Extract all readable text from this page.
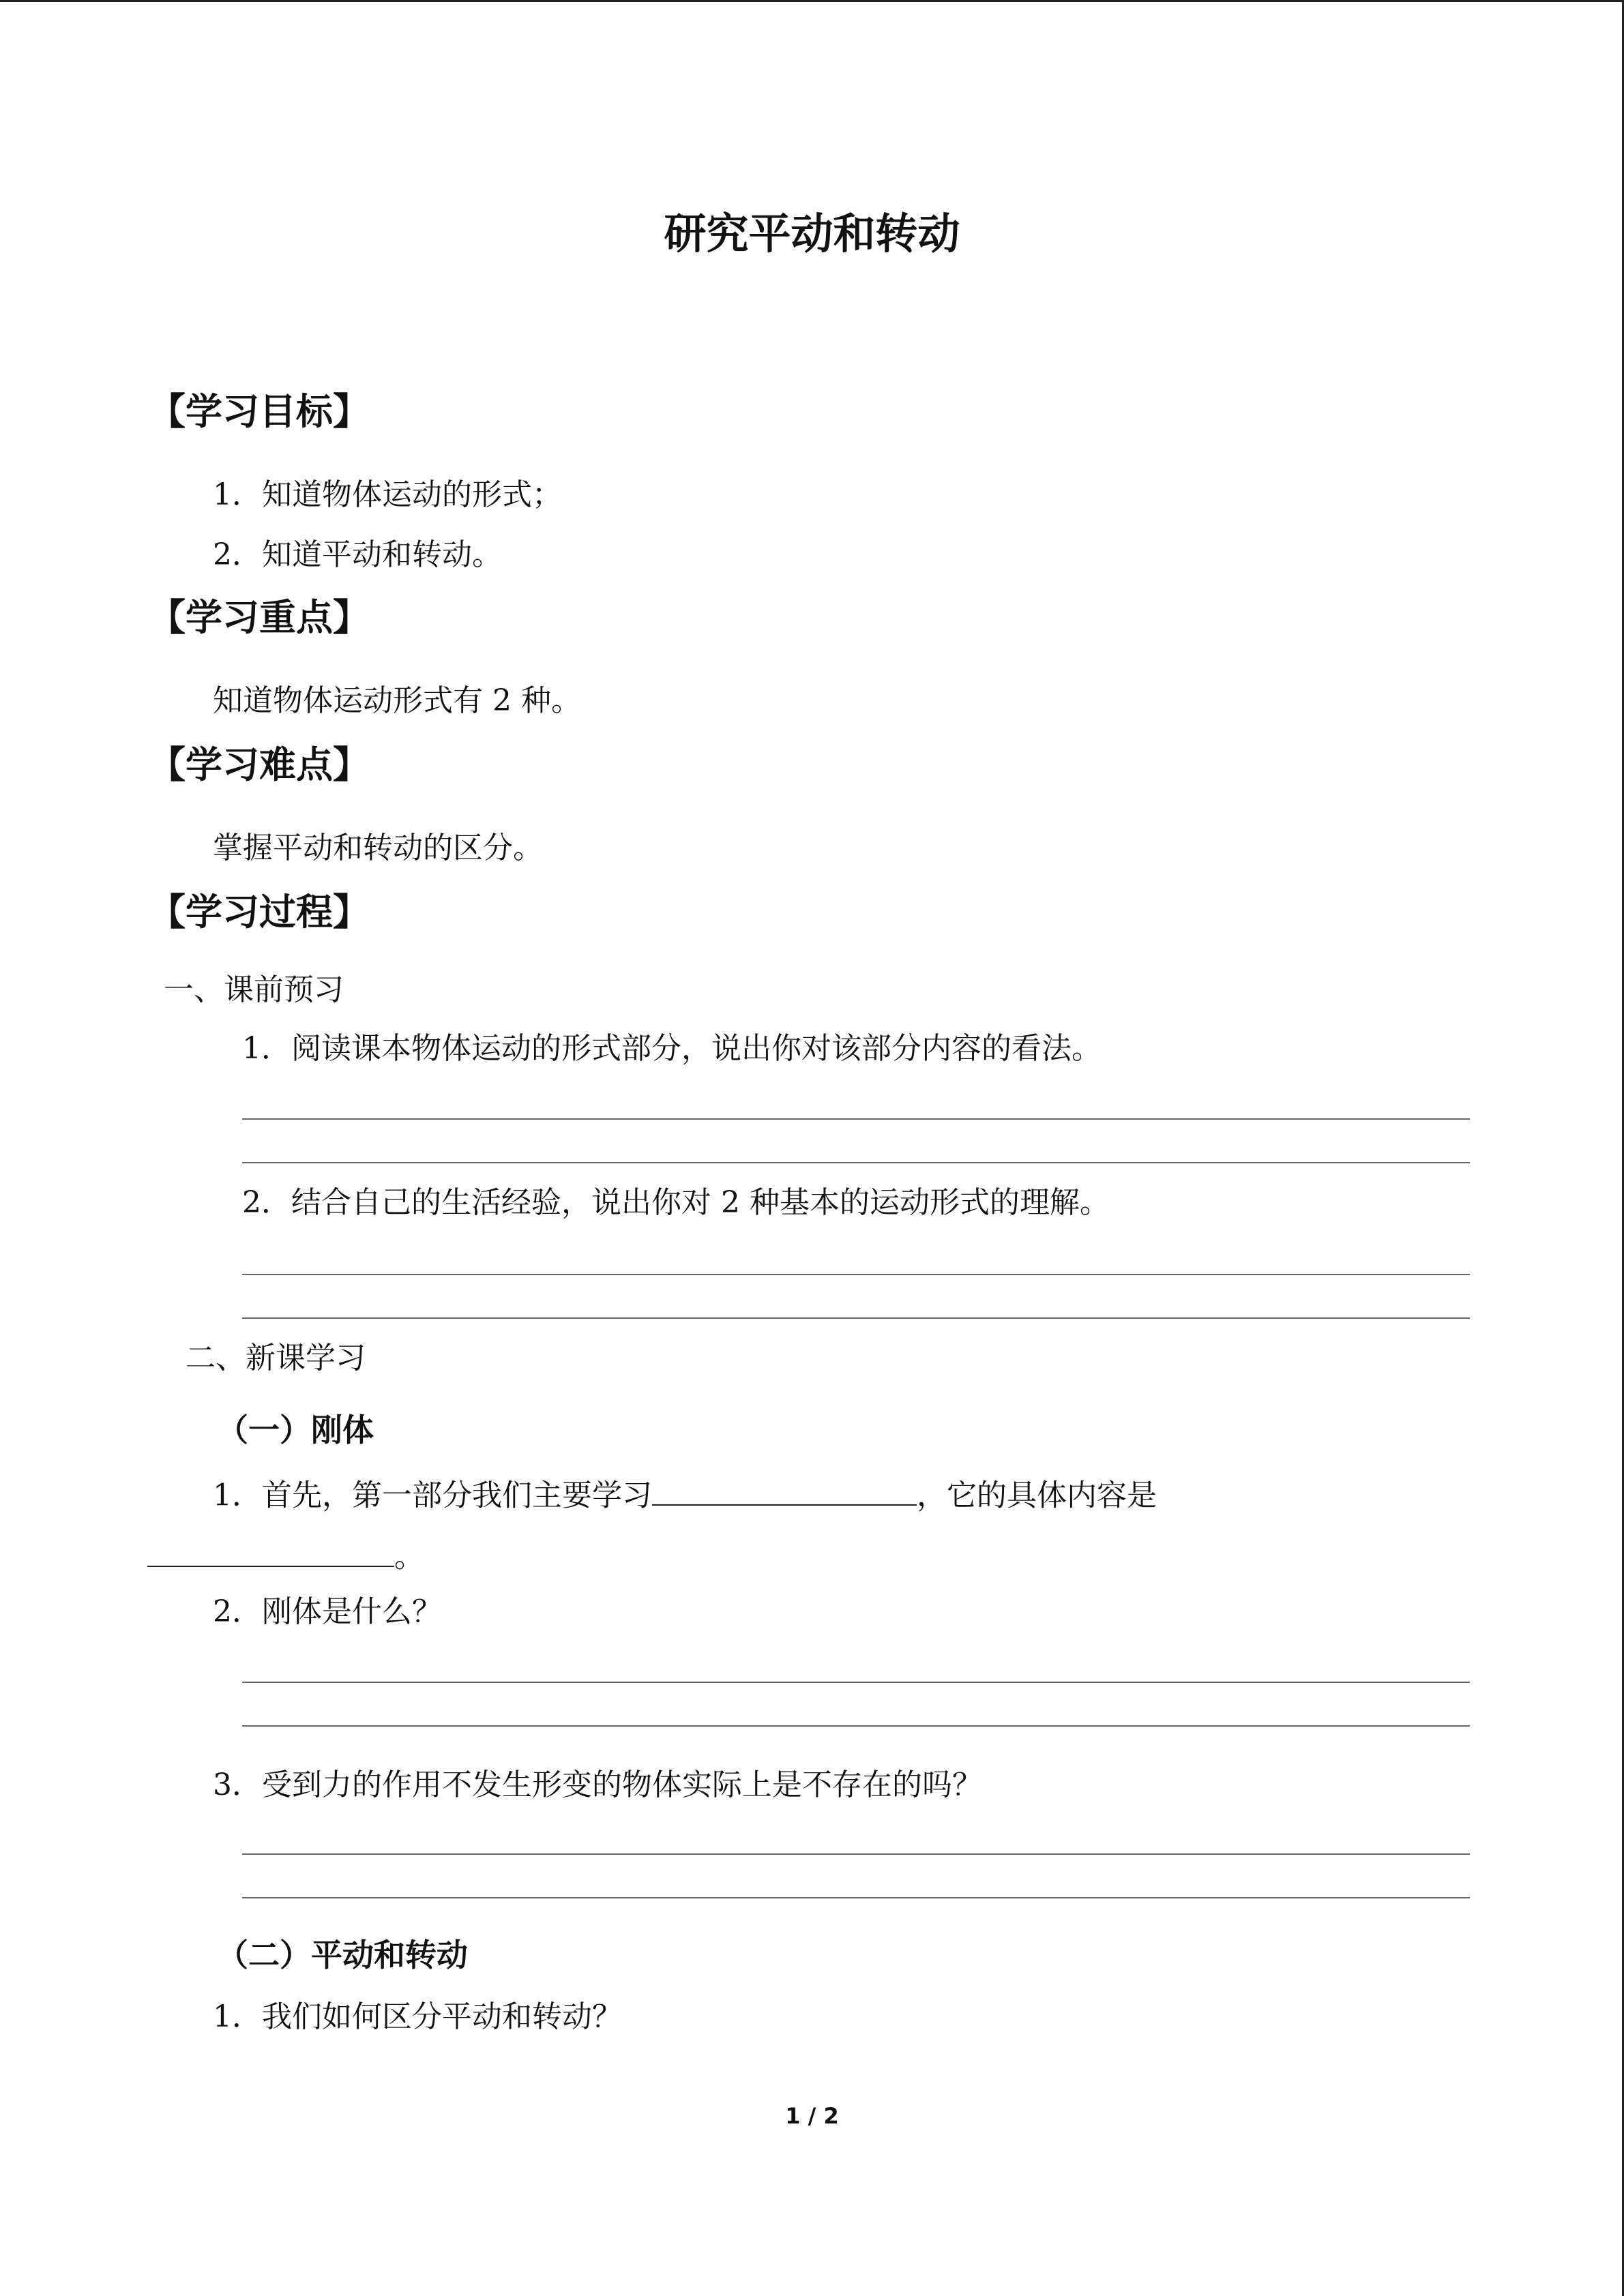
研究平动和转动
【学习目标】
1．知道物体运动的形式；
2．知道平动和转动。
【学习重点】
知道物体运动形式有 2 种。
【学习难点】
掌握平动和转动的区分。
【学习过程】
一、课前预习
1．阅读课本物体运动的形式部分，说出你对该部分内容的看法。
2．结合自己的生活经验，说出你对 2 种基本的运动形式的理解。
二、新课学习
（一）刚体
1．首先，第一部分我们主要学习	，它的具体内容是
。
2．刚体是什么？
3．受到力的作用不发生形变的物体实际上是不存在的吗？
（二）平动和转动
1．我们如何区分平动和转动？
1 / 2
